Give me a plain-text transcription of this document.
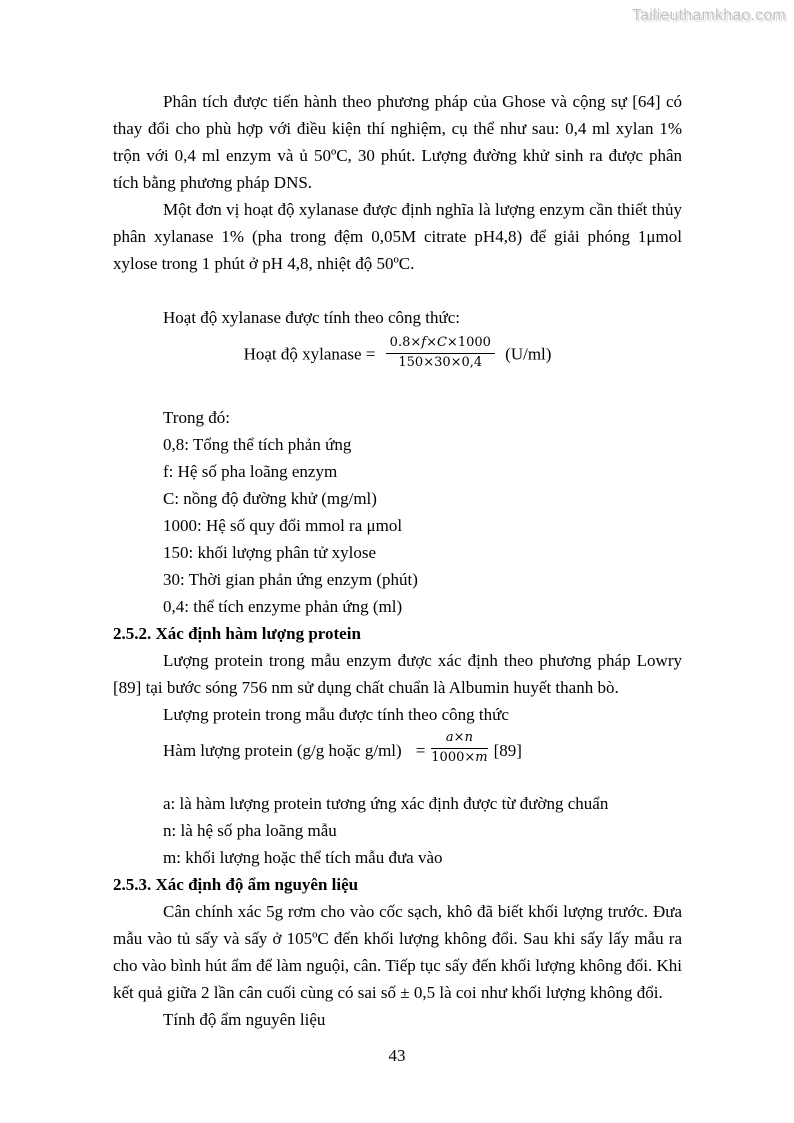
Tailieuthamkhao.com

Phân tích được tiến hành theo phương pháp của Ghose và cộng sự [64] có thay đổi cho phù hợp với điều kiện thí nghiệm, cụ thể như sau: 0,4 ml xylan 1% trộn với 0,4 ml enzym và ủ 50ºC, 30 phút. Lượng đường khử sinh ra được phân tích bằng phương pháp DNS.

Một đơn vị hoạt độ xylanase được định nghĩa là lượng enzym cần thiết thủy phân xylanase 1% (pha trong đệm 0,05M citrate pH4,8) để giải phóng 1μmol xylose trong 1 phút ở pH 4,8, nhiệt độ 50ºC.

Hoạt độ xylanase được tính theo công thức:
Hoạt độ xylanase = $\frac{0.8\times f\times C\times 1000}{150\times 30\times 0,4} (U/ml)$
Trong đó:
0,8: Tổng thể tích phản ứng
f: Hệ số pha loãng enzym
C: nồng độ đường khử (mg/ml)
1000: Hệ số quy đổi mmol ra μmol
150: khối lượng phân tử xylose
30: Thời gian phản ứng enzym (phút)
0,4: thể tích enzyme phản ứng (ml)
2.5.2. Xác định hàm lượng protein

Lượng protein trong mẫu enzym được xác định theo phương pháp Lowry [89] tại bước sóng 756 nm sử dụng chất chuẩn là Albumin huyết thanh bò.

Lượng protein trong mẫu được tính theo công thức
Hàm lượng protein (g/g hoặc $g/ml) = \frac{a\times n}{1000\times m} [89]$
a: là hàm lượng protein tương ứng xác định được từ đường chuẩn
n: là hệ số pha loãng mẫu
m: khối lượng hoặc thể tích mẫu đưa vào
2.5.3. Xác định độ ẩm nguyên liệu

Cân chính xác 5g rơm cho vào cốc sạch, khô đã biết khối lượng trước. Đưa mẫu vào tủ sấy và sấy ở 105ºC đến khối lượng không đổi. Sau khi sấy lấy mẫu ra cho vào bình hút ẩm để làm nguội, cân. Tiếp tục sấy đến khối lượng không đổi. Khi kết quả giữa 2 lần cân cuối cùng có sai số ± 0,5 là coi như khối lượng không đổi.

Tính độ ẩm nguyên liệu
43
